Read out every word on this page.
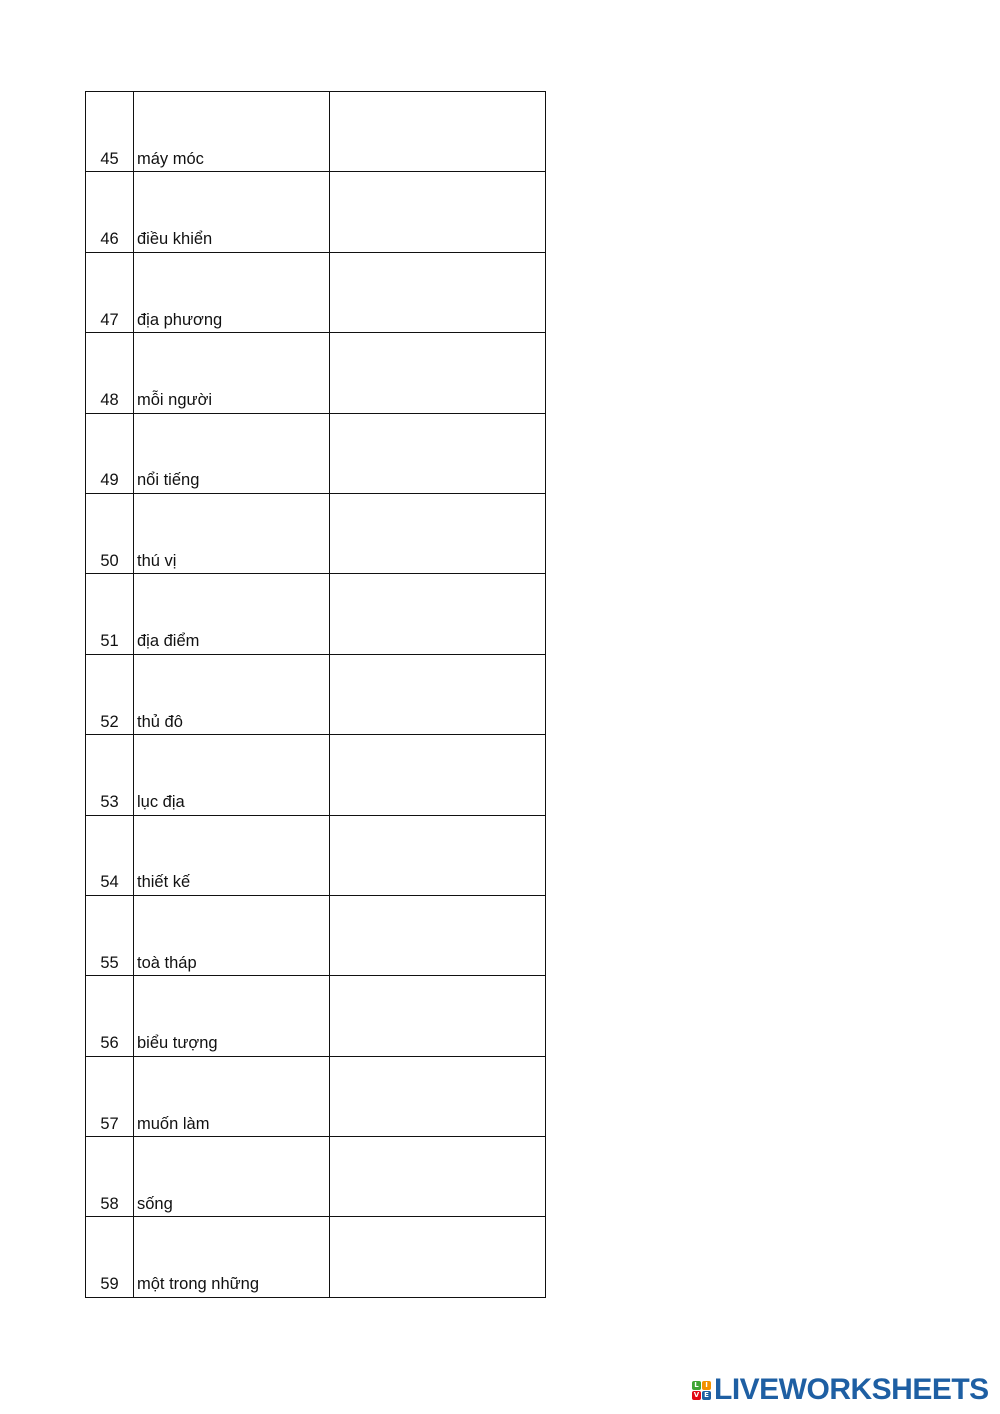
45	máy móc	
46	điều khiển	
47	địa phương	
48	mỗi người	
49	nổi tiếng	
50	thú vị	
51	địa điểm	
52	thủ đô	
53	lục địa	
54	thiết kế	
55	toà tháp	
56	biểu tượng	
57	muốn làm	
58	sống	
59	một trong những	
L I
V E LIVEWORKSHEETS
